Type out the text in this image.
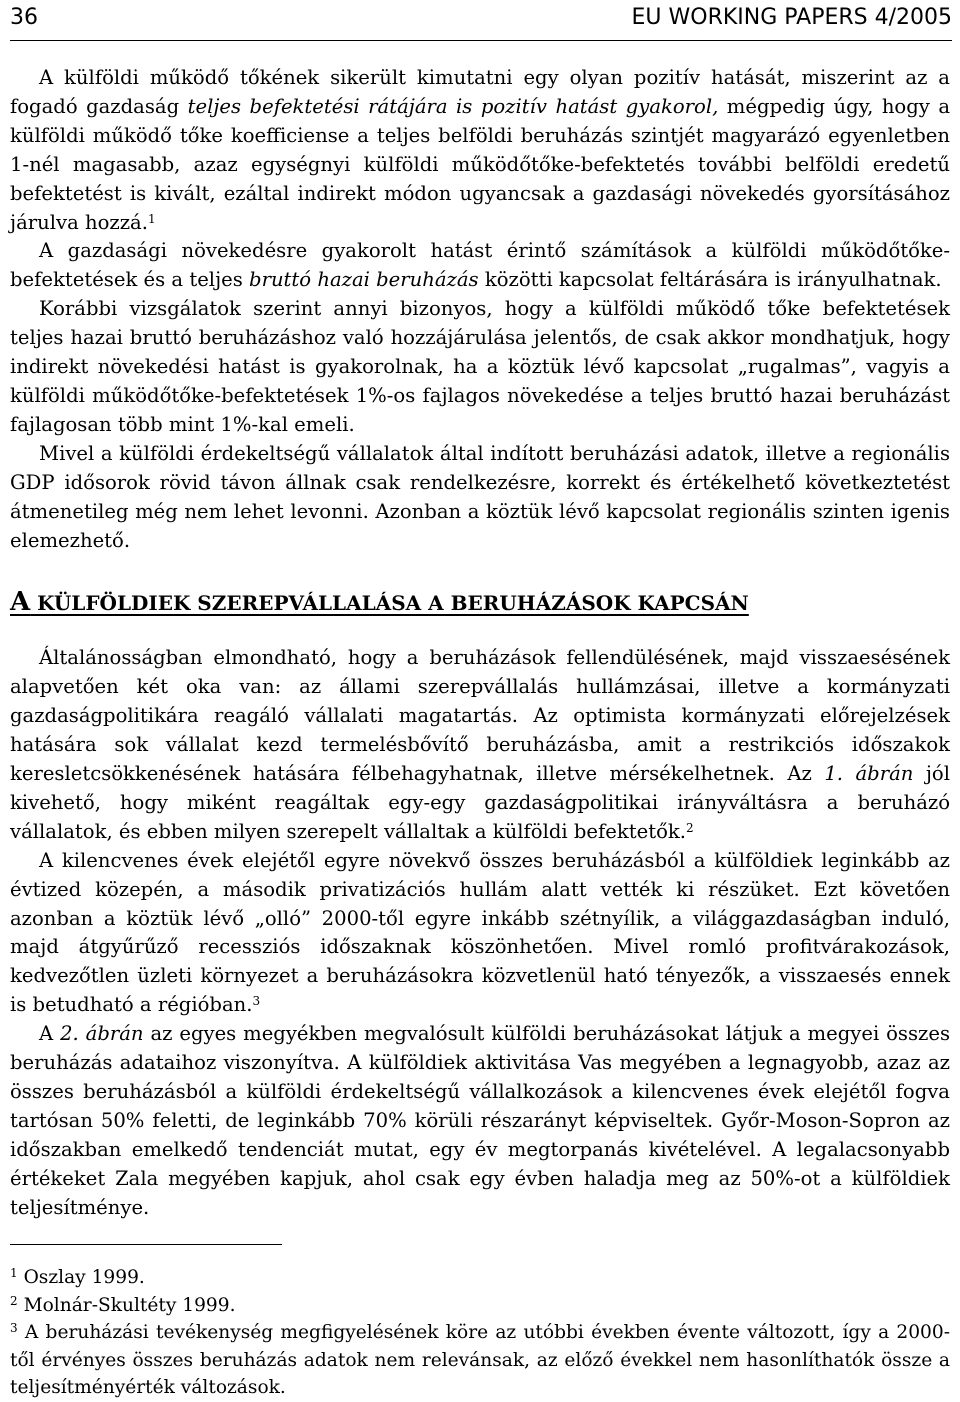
36	EU WORKING PAPERS 4/2005

A külföldi működő tőkének sikerült kimutatni egy olyan pozitív hatását, miszerint az a fogadó gazdaság teljes befektetési rátájára is pozitív hatást gyakorol, mégpedig úgy, hogy a külföldi működő tőke koefficiense a teljes belföldi beruházás szintjét magyarázó egyenletben 1-nél magasabb, azaz egységnyi külföldi működőtőke-befektetés további belföldi eredetű befektetést is kivált, ezáltal indirekt módon ugyancsak a gazdasági növekedés gyorsításához járulva hozzá.$^1$

A gazdasági növekedésre gyakorolt hatást érintő számítások a külföldi működőtőke-befektetések és a teljes bruttó hazai beruházás közötti kapcsolat feltárására is irányulhatnak.

Korábbi vizsgálatok szerint annyi bizonyos, hogy a külföldi működő tőke befektetések teljes hazai bruttó beruházáshoz való hozzájárulása jelentős, de csak akkor mondhatjuk, hogy indirekt növekedési hatást is gyakorolnak, ha a köztük lévő kapcsolat „rugalmas”, vagyis a külföldi működőtőke-befektetések 1%-os fajlagos növekedése a teljes bruttó hazai beruházást fajlagosan több mint 1%-kal emeli.

Mivel a külföldi érdekeltségű vállalatok által indított beruházási adatok, illetve a regionális GDP idősorok rövid távon állnak csak rendelkezésre, korrekt és értékelhető következtetést átmenetileg még nem lehet levonni. Azonban a köztük lévő kapcsolat regionális szinten igenis elemezhető.

A KÜLFÖLDIEK SZEREPVÁLLALÁSA A BERUHÁZÁSOK KAPCSÁN

Általánosságban elmondható, hogy a beruházások fellendülésének, majd visszaesésének alapvetően két oka van: az állami szerepvállalás hullámzásai, illetve a kormányzati gazdaságpolitikára reagáló vállalati magatartás. Az optimista kormányzati előrejelzések hatására sok vállalat kezd termelésbővítő beruházásba, amit a restrikciós időszakok keresletcsökkenésének hatására félbehagyhatnak, illetve mérsékelhetnek. Az 1. ábrán jól kivehető, hogy miként reagáltak egy-egy gazdaságpolitikai irányváltásra a beruházó vállalatok, és ebben milyen szerepelt vállaltak a külföldi befektetők.$^2$

A kilencvenes évek elejétől egyre növekvő összes beruházásból a külföldiek leginkább az évtized közepén, a második privatizációs hullám alatt vették ki részüket. Ezt követően azonban a köztük lévő „olló” 2000-től egyre inkább szétnyílik, a világgazdaságban induló, majd átgyűrűző recessziós időszaknak köszönhetően. Mivel romló profitvárakozások, kedvezőtlen üzleti környezet a beruházásokra közvetlenül ható tényezők, a visszaesés ennek is betudható a régióban.$^3$

A 2. ábrán az egyes megyékben megvalósult külföldi beruházásokat látjuk a megyei összes beruházás adataihoz viszonyítva. A külföldiek aktivitása Vas megyében a legnagyobb, azaz az összes beruházásból a külföldi érdekeltségű vállalkozások a kilencvenes évek elejétől fogva tartósan 50% feletti, de leginkább 70% körüli részarányt képviseltek. Győr-Moson-Sopron az időszakban emelkedő tendenciát mutat, egy év megtorpanás kivételével. A legalacsonyabb értékeket Zala megyében kapjuk, ahol csak egy évben haladja meg az 50%-ot a külföldiek teljesítménye.

$^1$ Oszlay 1999.

$^2$ Molnár-Skultéty 1999.

$^3$ A beruházási tevékenység megfigyelésének köre az utóbbi években évente változott, így a 2000-től érvényes összes beruházás adatok nem relevánsak, az előző évekkel nem hasonlíthatók össze a teljesítményérték változások.
